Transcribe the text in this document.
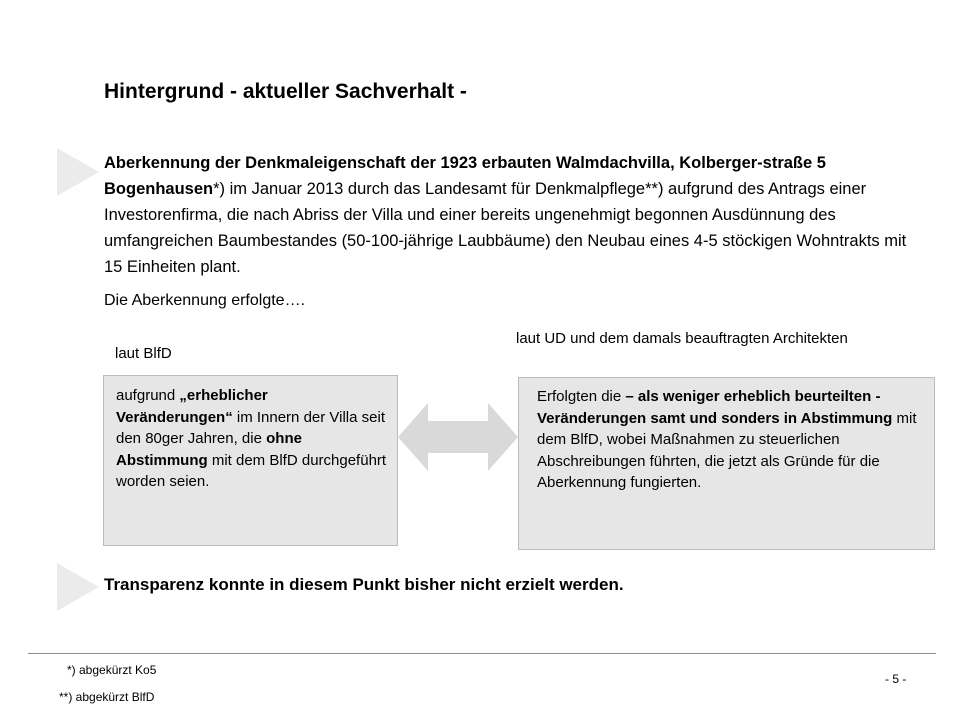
Hintergrund - aktueller Sachverhalt -
Aberkennung der Denkmaleigenschaft der 1923 erbauten Walmdachvilla, Kolberger-straße 5 Bogenhausen*) im Januar 2013 durch das Landesamt für Denkmalpflege**) aufgrund des Antrags einer Investorenfirma, die nach Abriss der Villa und einer bereits ungenehmigt begonnen Ausdünnung des umfangreichen Baumbestandes (50-100-jährige Laubbäume) den Neubau eines 4-5 stöckigen Wohntrakts mit 15 Einheiten plant.
Die Aberkennung erfolgte….
laut BlfD
laut UD und dem damals beauftragten Architekten
aufgrund „erheblicher Veränderungen“ im Innern der Villa seit den 80ger Jahren, die ohne Abstimmung mit dem BlfD durchgeführt worden seien.
Erfolgten die – als weniger erheblich beurteilten - Veränderungen samt und sonders in Abstimmung mit dem BlfD, wobei Maßnahmen zu steuerlichen Abschreibungen führten, die jetzt als Gründe für die Aberkennung fungierten.
Transparenz konnte in diesem Punkt bisher nicht erzielt werden.
*) abgekürzt Ko5
**) abgekürzt BlfD
- 5 -
